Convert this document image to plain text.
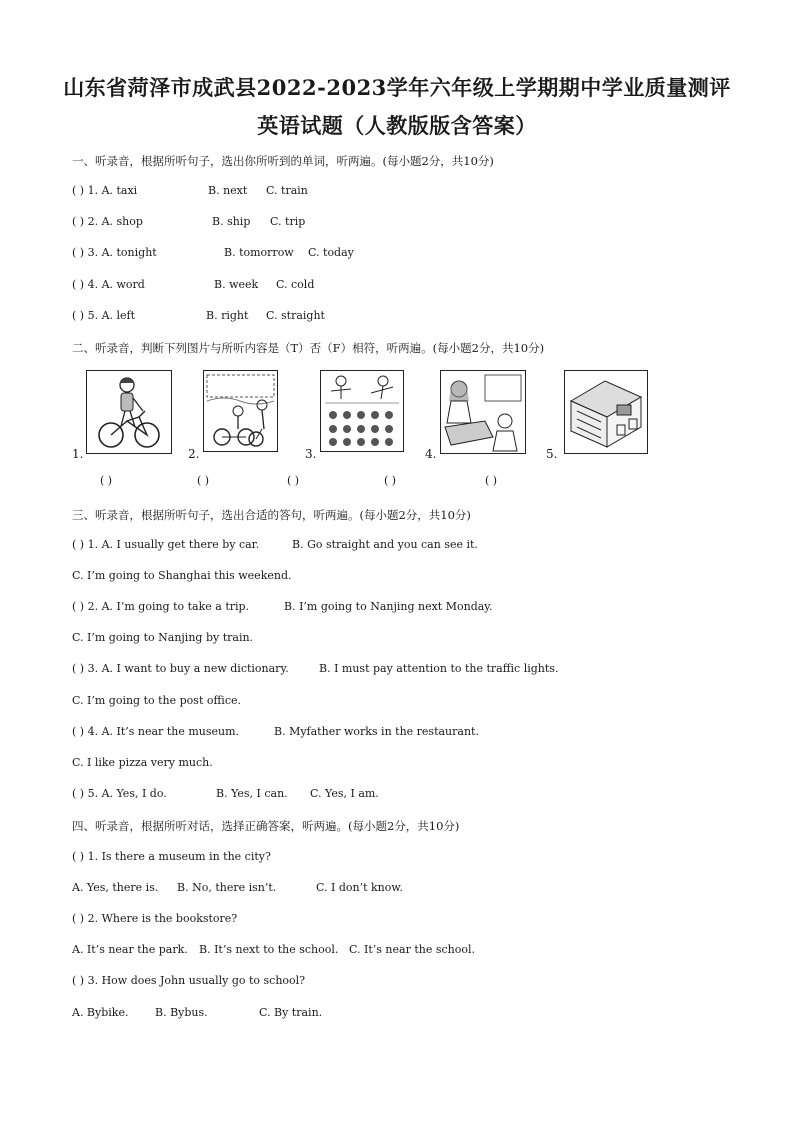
山东省菏泽市成武县2022-2023学年六年级上学期期中学业质量测评
英语试题（人教版版含答案）
一、听录音，根据所听句子，选出你所听到的单词，听两遍。(每小题2分，共10分)
( ) 1. A. taxi	B. next C. train
( ) 2. A. shop	B. ship C. trip
( ) 3. A. tonight	B. tomorrow C. today
( ) 4. A. word	B. week C. cold
( ) 5. A. left	B. right C. straight
二、听录音，判断下列图片与所听内容是（T）否（F）相符，听两遍。(每小题2分，共10分)
1.	2.	3.	4.	5.
( )	( )	( )	( )	( )
三、听录音，根据所听句子，选出合适的答句，听两遍。(每小题2分，共10分)
( ) 1. A. I usually get there by car.	B. Go straight and you can see it.
C. I’m going to Shanghai this weekend.
( ) 2. A. I’m going to take a trip.	B. I’m going to Nanjing next Monday.
C. I’m going to Nanjing by train.
( ) 3. A. I want to buy a new dictionary.	B. I must pay attention to the traffic lights.
C. I’m going to the post office.
( ) 4. A. It’s near the museum.	B. Myfather works in the restaurant.
C. I like pizza very much.
( ) 5. A. Yes, I do.	B. Yes, I can. C. Yes, I am.
四、听录音，根据所听对话，选择正确答案，听两遍。(每小题2分，共10分)
( ) 1. Is there a museum in the city?
A. Yes, there is. B. No, there isn’t.	C. I don’t know.
( ) 2. Where is the bookstore?
A. It’s near the park. B. It’s next to the school. C. It’s near the school.
( ) 3. How does John usually go to school?
A. Bybike. B. Bybus.	C. By train.
